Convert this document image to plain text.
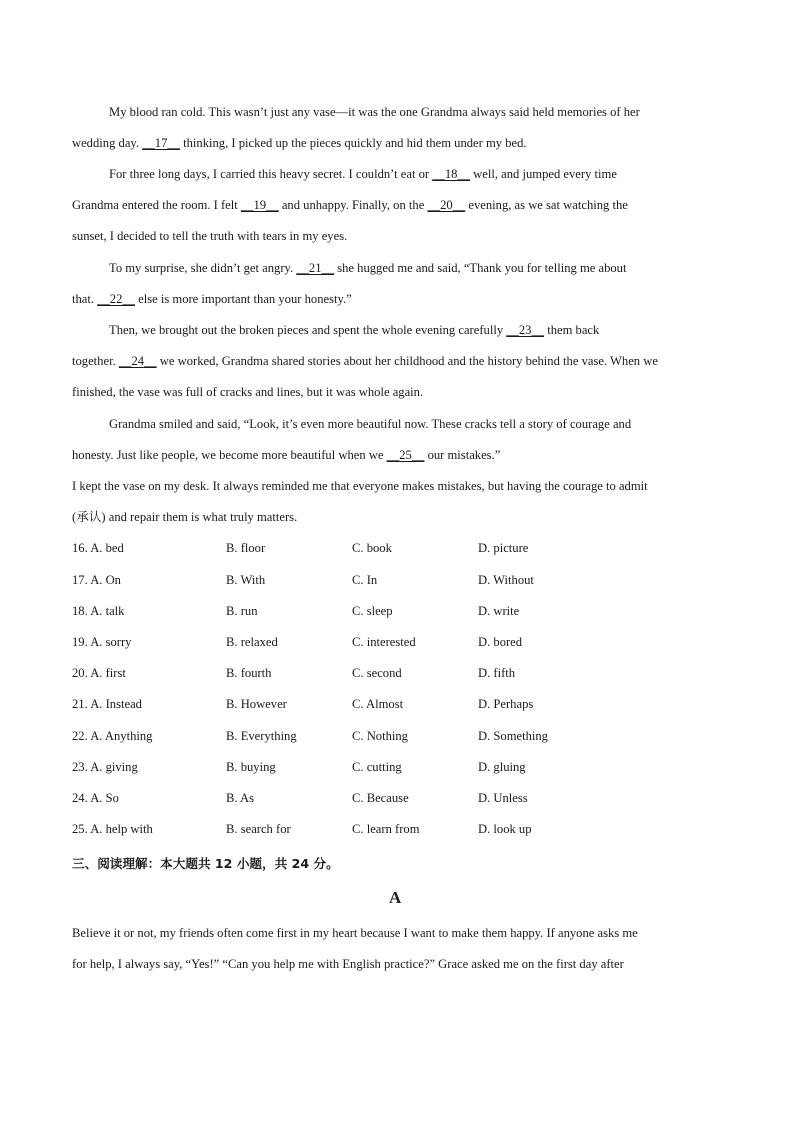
My blood ran cold. This wasn’t just any vase—it was the one Grandma always said held memories of her
wedding day. __17__ thinking, I picked up the pieces quickly and hid them under my bed.
For three long days, I carried this heavy secret. I couldn’t eat or __18__ well, and jumped every time
Grandma entered the room. I felt __19__ and unhappy. Finally, on the __20__ evening, as we sat watching the
sunset, I decided to tell the truth with tears in my eyes.
To my surprise, she didn’t get angry. __21__ she hugged me and said, “Thank you for telling me about
that. __22__ else is more important than your honesty.”
Then, we brought out the broken pieces and spent the whole evening carefully __23__ them back
together. __24__ we worked, Grandma shared stories about her childhood and the history behind the vase. When we
finished, the vase was full of cracks and lines, but it was whole again.
Grandma smiled and said, “Look, it’s even more beautiful now. These cracks tell a story of courage and
honesty. Just like people, we become more beautiful when we __25__ our mistakes.”
I kept the vase on my desk. It always reminded me that everyone makes mistakes, but having the courage to admit
(承认) and repair them is what truly matters.
16. A. bed	B. floor	C. book	D. picture
17. A. On	B. With	C. In	D. Without
18. A. talk	B. run	C. sleep	D. write
19. A. sorry	B. relaxed	C. interested	D. bored
20. A. first	B. fourth	C. second	D. fifth
21. A. Instead	B. However	C. Almost	D. Perhaps
22. A. Anything	B. Everything	C. Nothing	D. Something
23. A. giving	B. buying	C. cutting	D. gluing
24. A. So	B. As	C. Because	D. Unless
25. A. help with	B. search for	C. learn from	D. look up
三、阅读理解：本大题共 12 小题，共 24 分。
A
Believe it or not, my friends often come first in my heart because I want to make them happy. If anyone asks me
for help, I always say, “Yes!” “Can you help me with English practice?” Grace asked me on the first day after
